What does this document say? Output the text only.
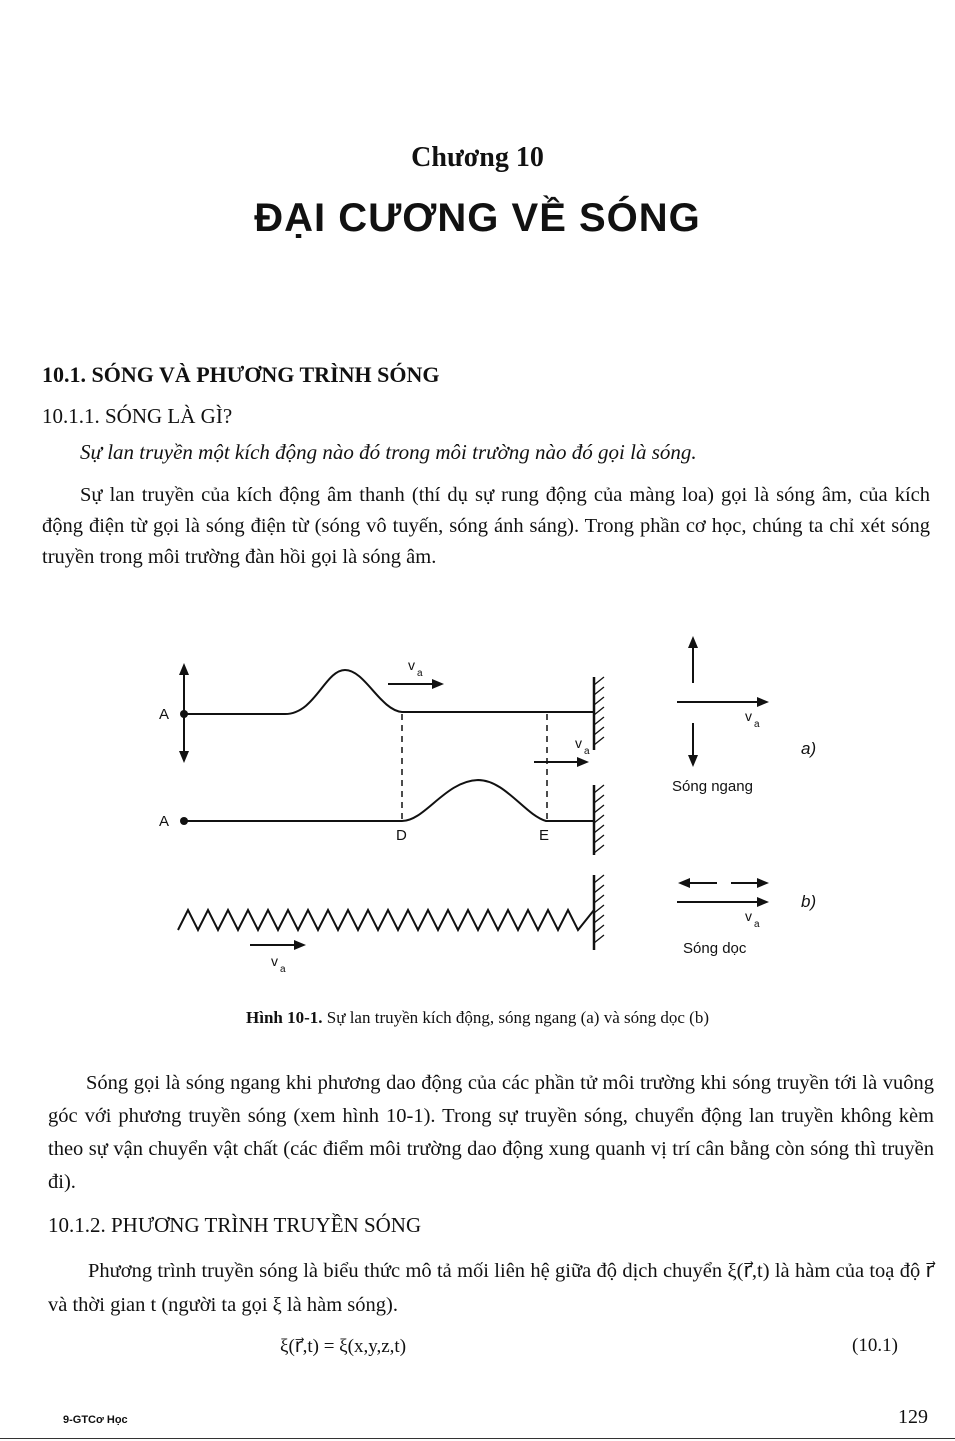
Chương 10
ĐẠI CƯƠNG VỀ SÓNG
10.1. SÓNG VÀ PHƯƠNG TRÌNH SÓNG
10.1.1. SÓNG LÀ GÌ?
Sự lan truyền một kích động nào đó trong môi trường nào đó gọi là sóng.
Sự lan truyền của kích động âm thanh (thí dụ sự rung động của màng loa) gọi là sóng âm, của kích động điện từ gọi là sóng điện từ (sóng vô tuyến, sóng ánh sáng). Trong phần cơ học, chúng ta chỉ xét sóng truyền trong môi trường đàn hồi gọi là sóng âm.
A
A
D	E
v
a
v
a
v
a
v
a
v
a
a)
b)
Sóng ngang
Sóng dọc
Hình 10-1. Sự lan truyền kích động, sóng ngang (a) và sóng dọc (b)
Sóng gọi là sóng ngang khi phương dao động của các phần tử môi trường khi sóng truyền tới là vuông góc với phương truyền sóng (xem hình 10-1). Trong sự truyền sóng, chuyển động lan truyền không kèm theo sự vận chuyển vật chất (các điểm môi trường dao động xung quanh vị trí cân bằng còn sóng thì truyền đi).
10.1.2. PHƯƠNG TRÌNH TRUYỀN SÓNG
Phương trình truyền sóng là biểu thức mô tả mối liên hệ giữa độ dịch chuyển ξ(r⃗,t) là hàm của toạ độ r⃗ và thời gian t (người ta gọi ξ là hàm sóng).
ξ(r⃗,t) = ξ(x,y,z,t)	(10.1)
9-GTCơ Học	129
